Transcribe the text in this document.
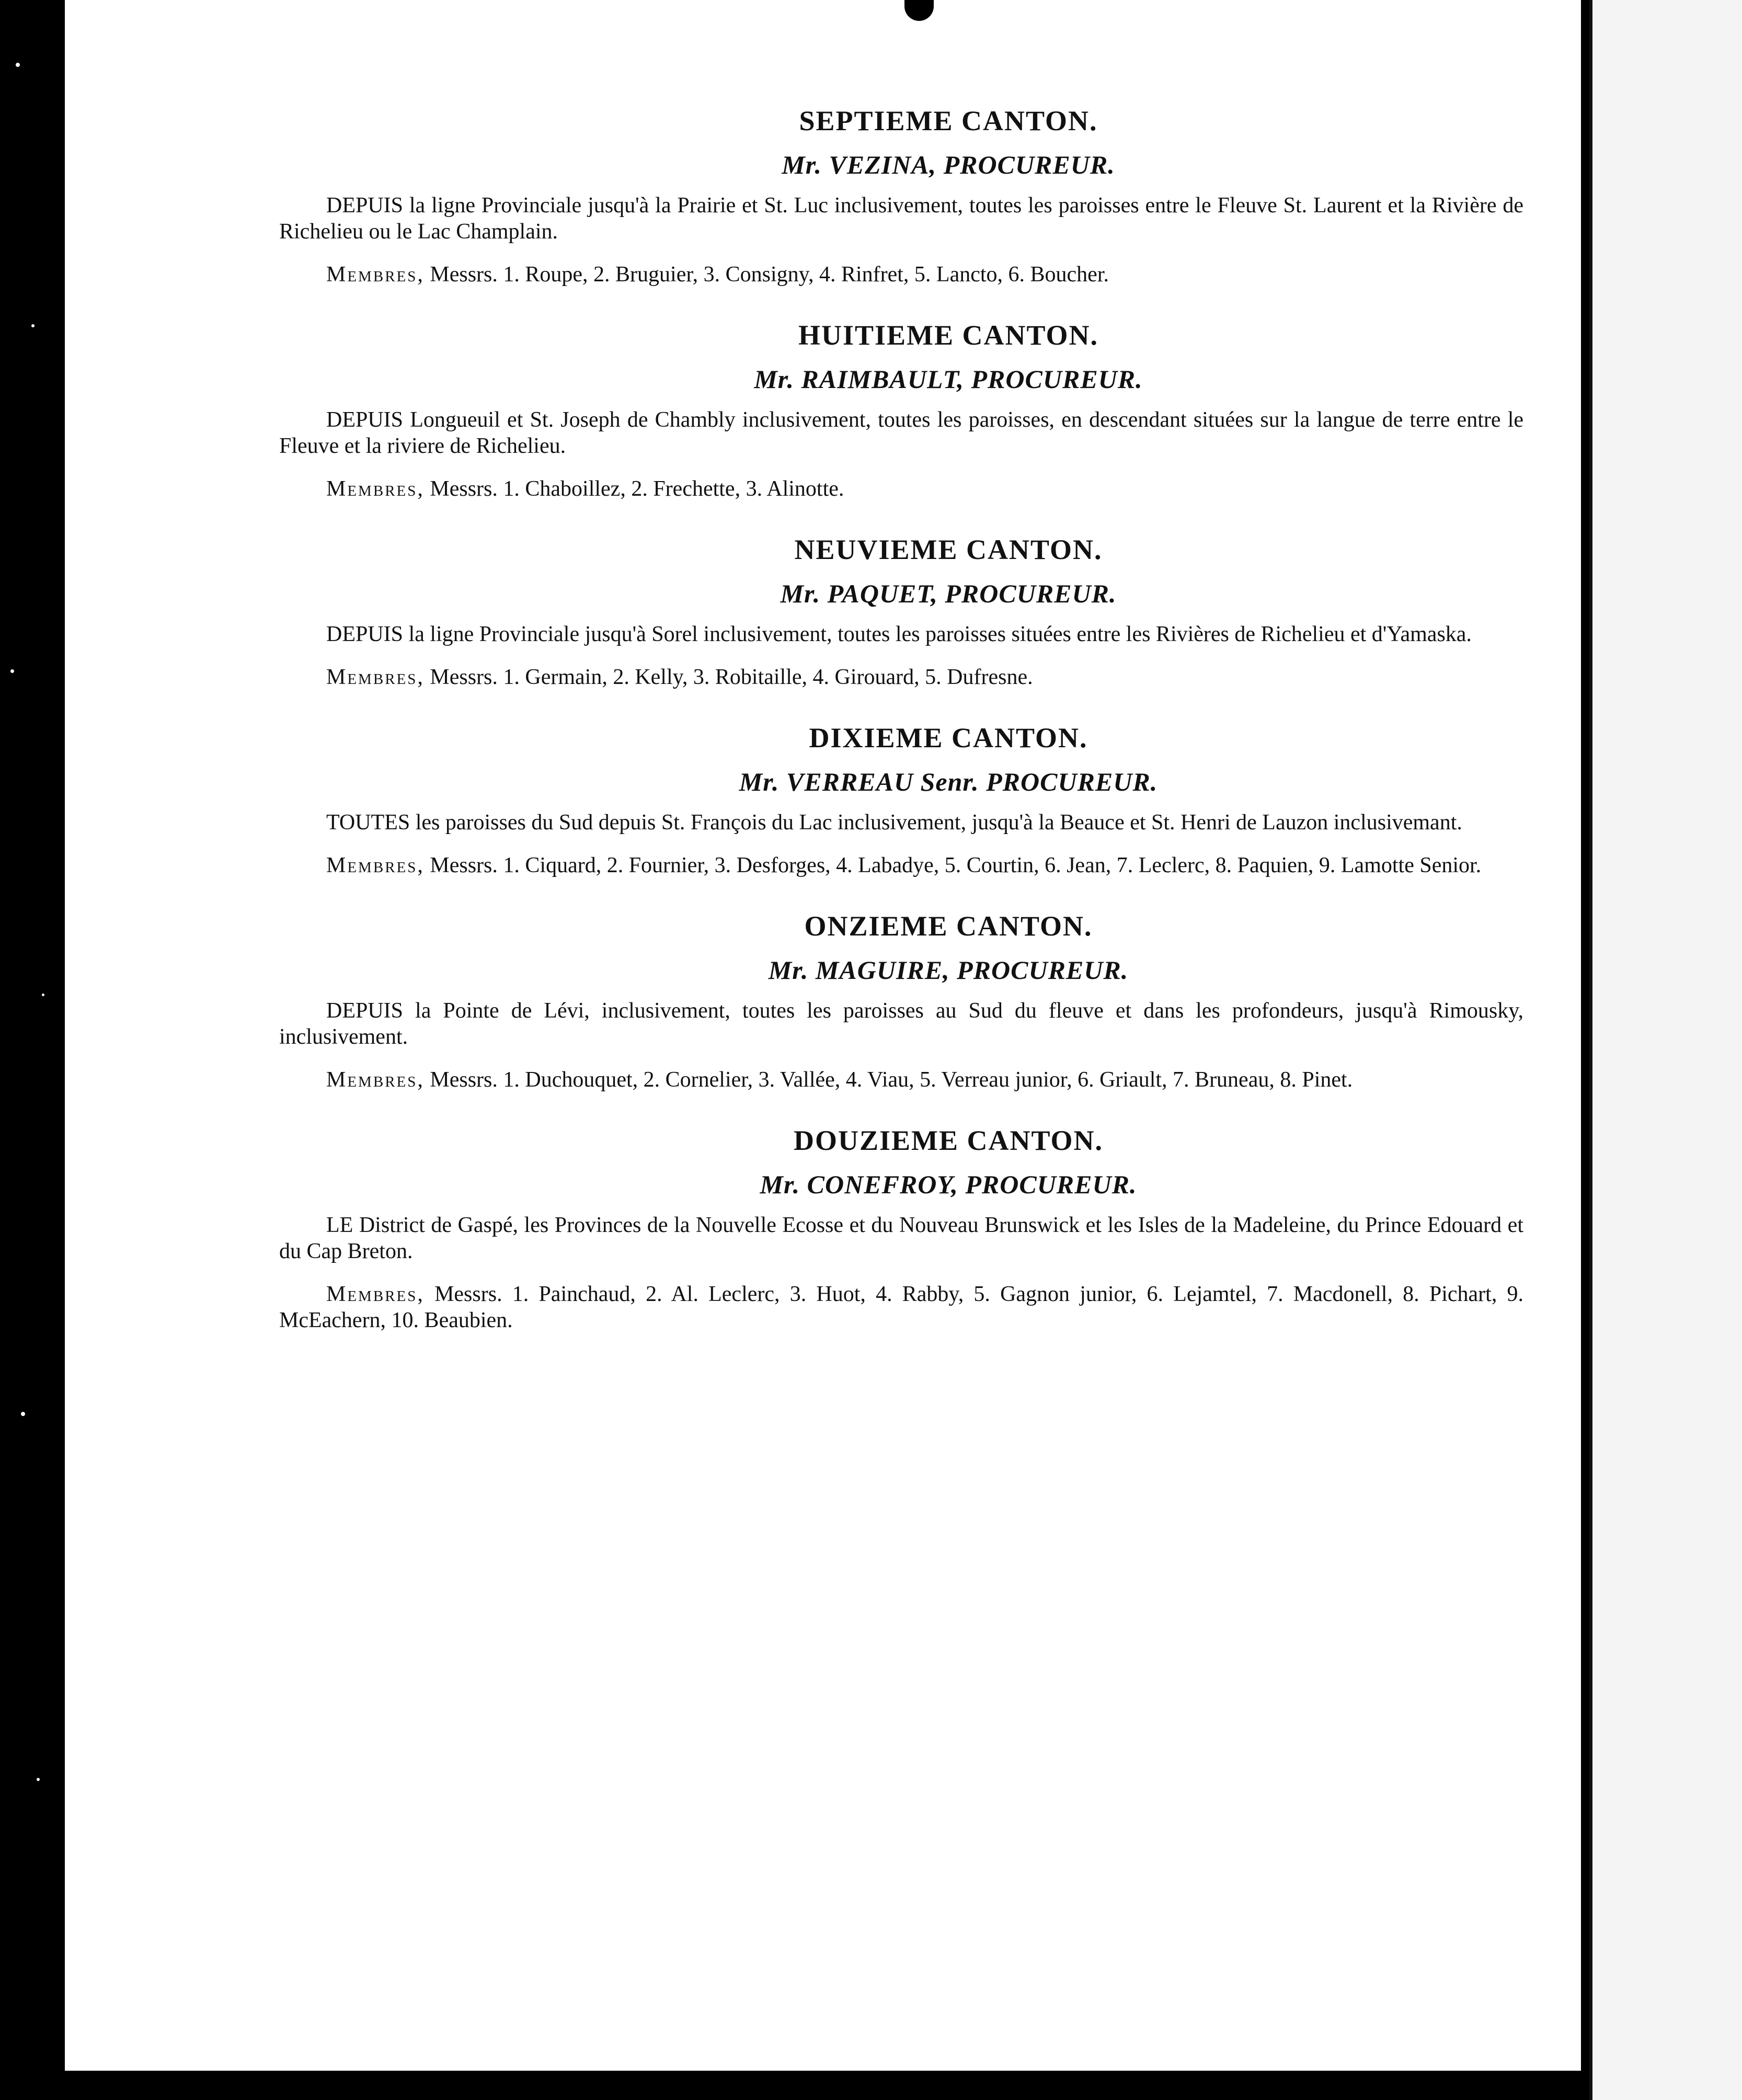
SEPTIEME CANTON.

Mr. VEZINA, PROCUREUR.

DEPUIS la ligne Provinciale jusqu'à la Prairie et St. Luc inclusivement, toutes les paroisses entre le Fleuve St. Laurent et la Rivière de Richelieu ou le Lac Champlain.

Membres, Messrs. 1. Roupe, 2. Bruguier, 3. Consigny, 4. Rinfret, 5. Lancto, 6. Boucher.

HUITIEME CANTON.

Mr. RAIMBAULT, PROCUREUR.

DEPUIS Longueuil et St. Joseph de Chambly inclusivement, toutes les paroisses, en descendant situées sur la langue de terre entre le Fleuve et la riviere de Richelieu.

Membres, Messrs. 1. Chaboillez, 2. Frechette, 3. Alinotte.

NEUVIEME CANTON.

Mr. PAQUET, PROCUREUR.

DEPUIS la ligne Provinciale jusqu'à Sorel inclusivement, toutes les paroisses situées entre les Rivières de Richelieu et d'Yamaska.

Membres, Messrs. 1. Germain, 2. Kelly, 3. Robitaille, 4. Girouard, 5. Dufresne.

DIXIEME CANTON.

Mr. VERREAU Senr. PROCUREUR.

TOUTES les paroisses du Sud depuis St. François du Lac inclusivement, jusqu'à la Beauce et St. Henri de Lauzon inclusivemant.

Membres, Messrs. 1. Ciquard, 2. Fournier, 3. Desforges, 4. Labadye, 5. Courtin, 6. Jean, 7. Leclerc, 8. Paquien, 9. Lamotte Senior.

ONZIEME CANTON.

Mr. MAGUIRE, PROCUREUR.

DEPUIS la Pointe de Lévi, inclusivement, toutes les paroisses au Sud du fleuve et dans les profondeurs, jusqu'à Rimousky, inclusivement.

Membres, Messrs. 1. Duchouquet, 2. Cornelier, 3. Vallée, 4. Viau, 5. Verreau junior, 6. Griault, 7. Bruneau, 8. Pinet.

DOUZIEME CANTON.

Mr. CONEFROY, PROCUREUR.

LE District de Gaspé, les Provinces de la Nouvelle Ecosse et du Nouveau Brunswick et les Isles de la Madeleine, du Prince Edouard et du Cap Breton.

Membres, Messrs. 1. Painchaud, 2. Al. Leclerc, 3. Huot, 4. Rabby, 5. Gagnon junior, 6. Lejamtel, 7. Macdonell, 8. Pichart, 9. McEachern, 10. Beaubien.
